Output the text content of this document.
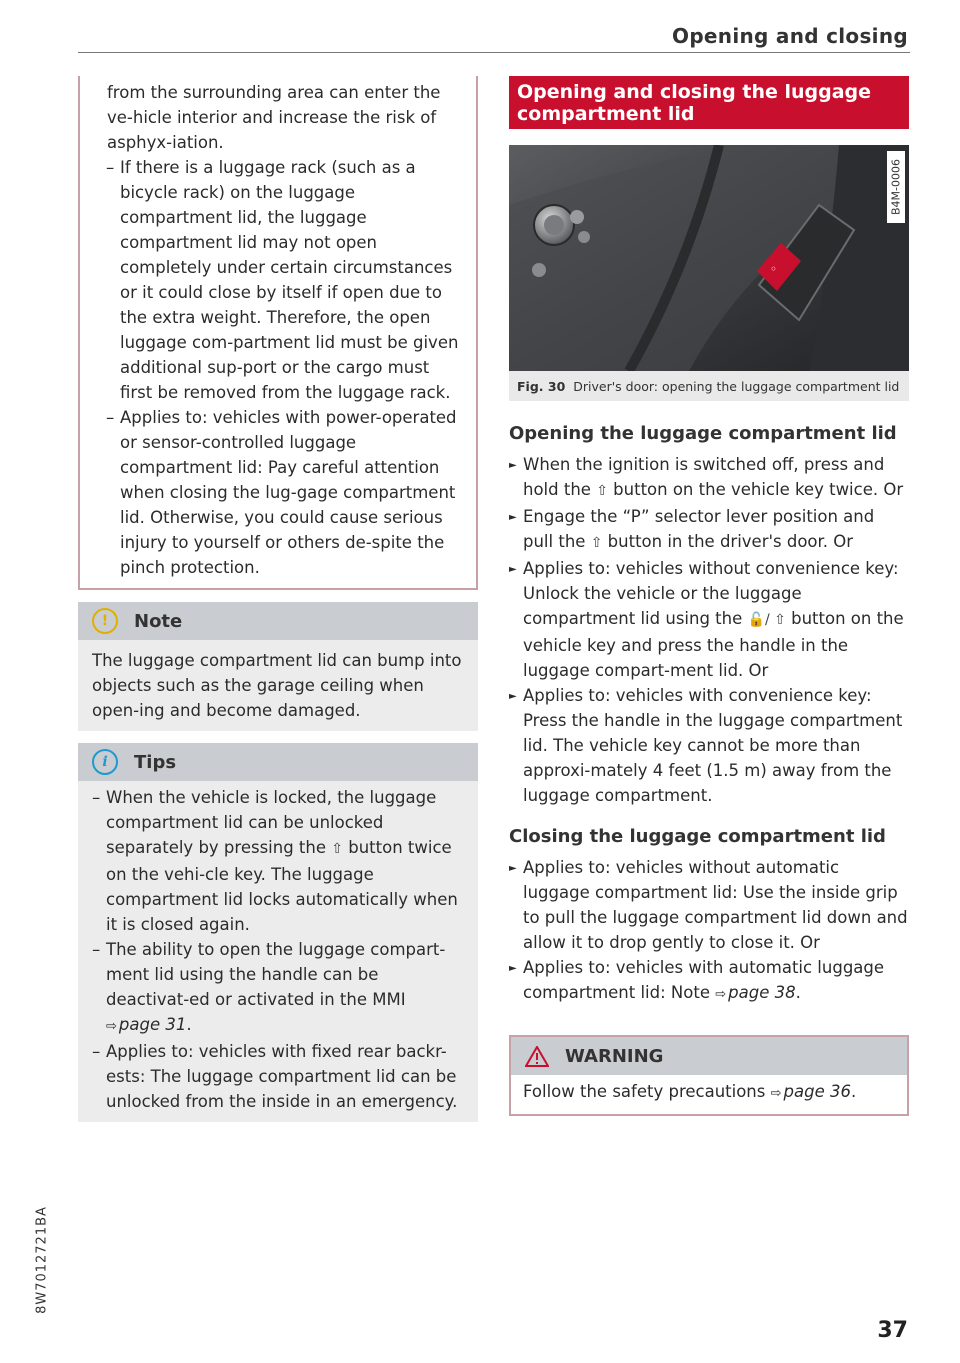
Opening and closing

from the surrounding area can enter the ve-hicle interior and increase the risk of asphyx-iation.

– If there is a luggage rack (such as a bicycle rack) on the luggage compartment lid, the luggage compartment lid may not open completely under certain circumstances or it could close by itself if open due to the extra weight. Therefore, the open luggage com-partment lid must be given additional sup-port or the cargo must first be removed from the luggage rack.
– Applies to: vehicles with power-operated or sensor-controlled luggage compartment lid: Pay careful attention when closing the lug-gage compartment lid. Otherwise, you could cause serious injury to yourself or others de-spite the pinch protection.
!	Note
The luggage compartment lid can bump into objects such as the garage ceiling when open-ing and become damaged.
i	Tips
– When the vehicle is locked, the luggage compartment lid can be unlocked separately by pressing the ⇧ button twice on the vehi-cle key. The luggage compartment lid locks automatically when it is closed again.
– The ability to open the luggage compart-ment lid using the handle can be deactivat-ed or activated in the MMI ⇨ page 31.
– Applies to: vehicles with fixed rear backr-ests: The luggage compartment lid can be unlocked from the inside in an emergency.
Opening and closing the luggage compartment lid
◦
B4M-0006
Fig. 30 Driver's door: opening the luggage compartment lid
Opening the luggage compartment lid
► When the ignition is switched off, press and hold the ⇧ button on the vehicle key twice. Or
► Engage the “P” selector lever position and pull the ⇧ button in the driver's door. Or
► Applies to: vehicles without convenience key: Unlock the vehicle or the luggage compartment lid using the 🔓/ ⇧ button on the vehicle key and press the handle in the luggage compart-ment lid. Or
► Applies to: vehicles with convenience key: Press the handle in the luggage compartment lid. The vehicle key cannot be more than approxi-mately 4 feet (1.5 m) away from the luggage compartment.
Closing the luggage compartment lid
► Applies to: vehicles without automatic luggage compartment lid: Use the inside grip to pull the luggage compartment lid down and allow it to drop gently to close it. Or
► Applies to: vehicles with automatic luggage compartment lid: Note ⇨ page 38.
WARNING
Follow the safety precautions ⇨ page 36.
8W7012721BA
37
